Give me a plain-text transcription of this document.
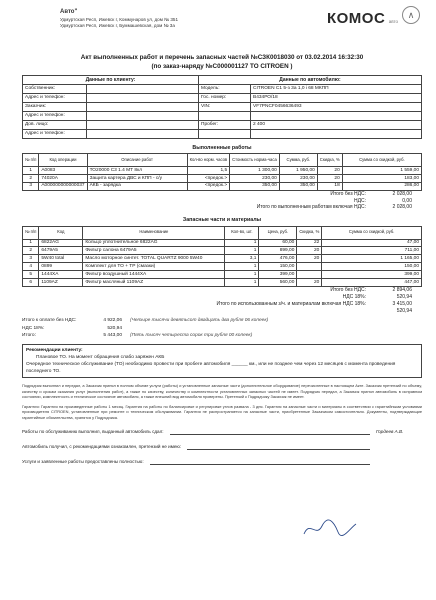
Авто"
Удмуртская Респ, Ижевск г, Коммунаров ул, дом № 351
Удмуртская Респ, Ижевск г, Буммашевская, дом № 3а	КОМОС авто
∧
Акт выполненных работ и перечень запасных частей №СЗК0018030 от 03.02.2014 16:32:30
(по заказ-наряду №С000001127 ТО CITROEN )
Данные по клиенту:		Данные по автомобилю:	
Собственник:		Модель:	CITROEN C1 5-з 3а 1,0 i 68 МКПП
Адрес и телефон:		Гос. номер:	В434РО/18
Заказчик:		VIN:	VF7PNCF0456636493
Адрес и телефон:			
Дов. лицо:		Пробег:	2 400
Адрес и телефон:			
Выполненные работы
№ п/п	Код операции	Описание работ	Кол-во норм. часов	Стоимость норма-часа	Сумма, руб.	Скидка, %	Сумма со скидкой, руб.
1	A0083	ТО20000 C3 1.4 МТ 8кл	1,5	1 300,00	1 950,00	20	1 559,00
2	74020A	Защита картера ДВС и КПП - с/у	<предок.>	230,00	230,00	20	183,00
3	A000000000000037	АКБ - зарядка	<предок.>	350,00	350,00	18	286,00
Итого без НДС:	2 028,00
НДС:	0,00
Итого по выполненным работам включая НДС:	2 028,00
Запасные части и материалы
№ п/п	Код	Наименование	Кол-во, шт.	Цена, руб.	Скидка, %	Сумма со скидкой, руб.
1	6822AG	Кольцо уплотнительное 6822AG	1	60,00	22	47,00
2	6479A5	Фильтр салона 6479A5	1	899,00	20	711,00
3	5W40 total	Масло моторное синтет. TOTAL QUARTZ 9000 5W40	3,1	476,00	20	1 165,00
4	0899	Комплект для ТО + ТР (смазки)	1	150,00		150,00
5	1444XA	Фильтр воздушный 1444XA	1	399,00		399,00
6	1109AZ	Фильтр масляный 1109AZ	1	560,00	20	447,00
Итого без НДС:	2 894,06
НДС 18%:	520,94
Итого по использованным з/ч. и материалам включая НДС 18%:	3 415,00
520,94
Итого к оплате без НДС:	4 922,06 (Четыре тысячи девятьсот двадцать два рубля 06 копеек)
НДС 18%:	520,94
Итого:	5 443,00 (Пять тысяч четыреста сорок три рубля 00 копеек)
Рекомендации клиенту:
Плановое ТО. На момент обращения слабо заряжен АКБ
Очередное техническое обслуживание (ТО) необходимо провести при пробеге автомобиля ______ км., или не позднее чем через 12 месяцев с момента проведения последнего ТО.
Подрядчик выполнил и передал, а Заказчик принял в полном объеме услуги (работы) и установленные запасные части (дополнительное оборудование) перечисленные в настоящем Акте. Заказчик претензий по объему, качеству и срокам оказания услуг (выполнения работ), а также по качеству, количеству и комплектности установленных запасных частей не имеет. Подрядчик передал, а Заказчик принял автомобиль в исправном состоянии, комплектность и техническое состояние автомобиля, а также внешний вид автомобиля проверены. Претензий к Подрядчику Заказчик не имеет.
Гарантия: Гарантия на произведенные работы 1 месяц. Гарантия на работы по балансировке и регулировке углов развала - 3 дня. Гарантия на запасные части и материалы в соответствии с гарантийными условиями производителя CITROEN, установленные при ремонте и техническом обслуживании. Гарантия не распространяется на запасные части, приобретенные Заказчиком самостоятельно. Документы, подтверждающие гарантийные обязательства, хранятся у Подрядчика.
Работы по обслуживанию выполнил, выданный автомобиль сдал:	Гордеев А.В.
Автомобиль получил, с рекомендациями ознакомлен, претензий не имею:
Услуги и заявленные работы предоставлены полностью:
